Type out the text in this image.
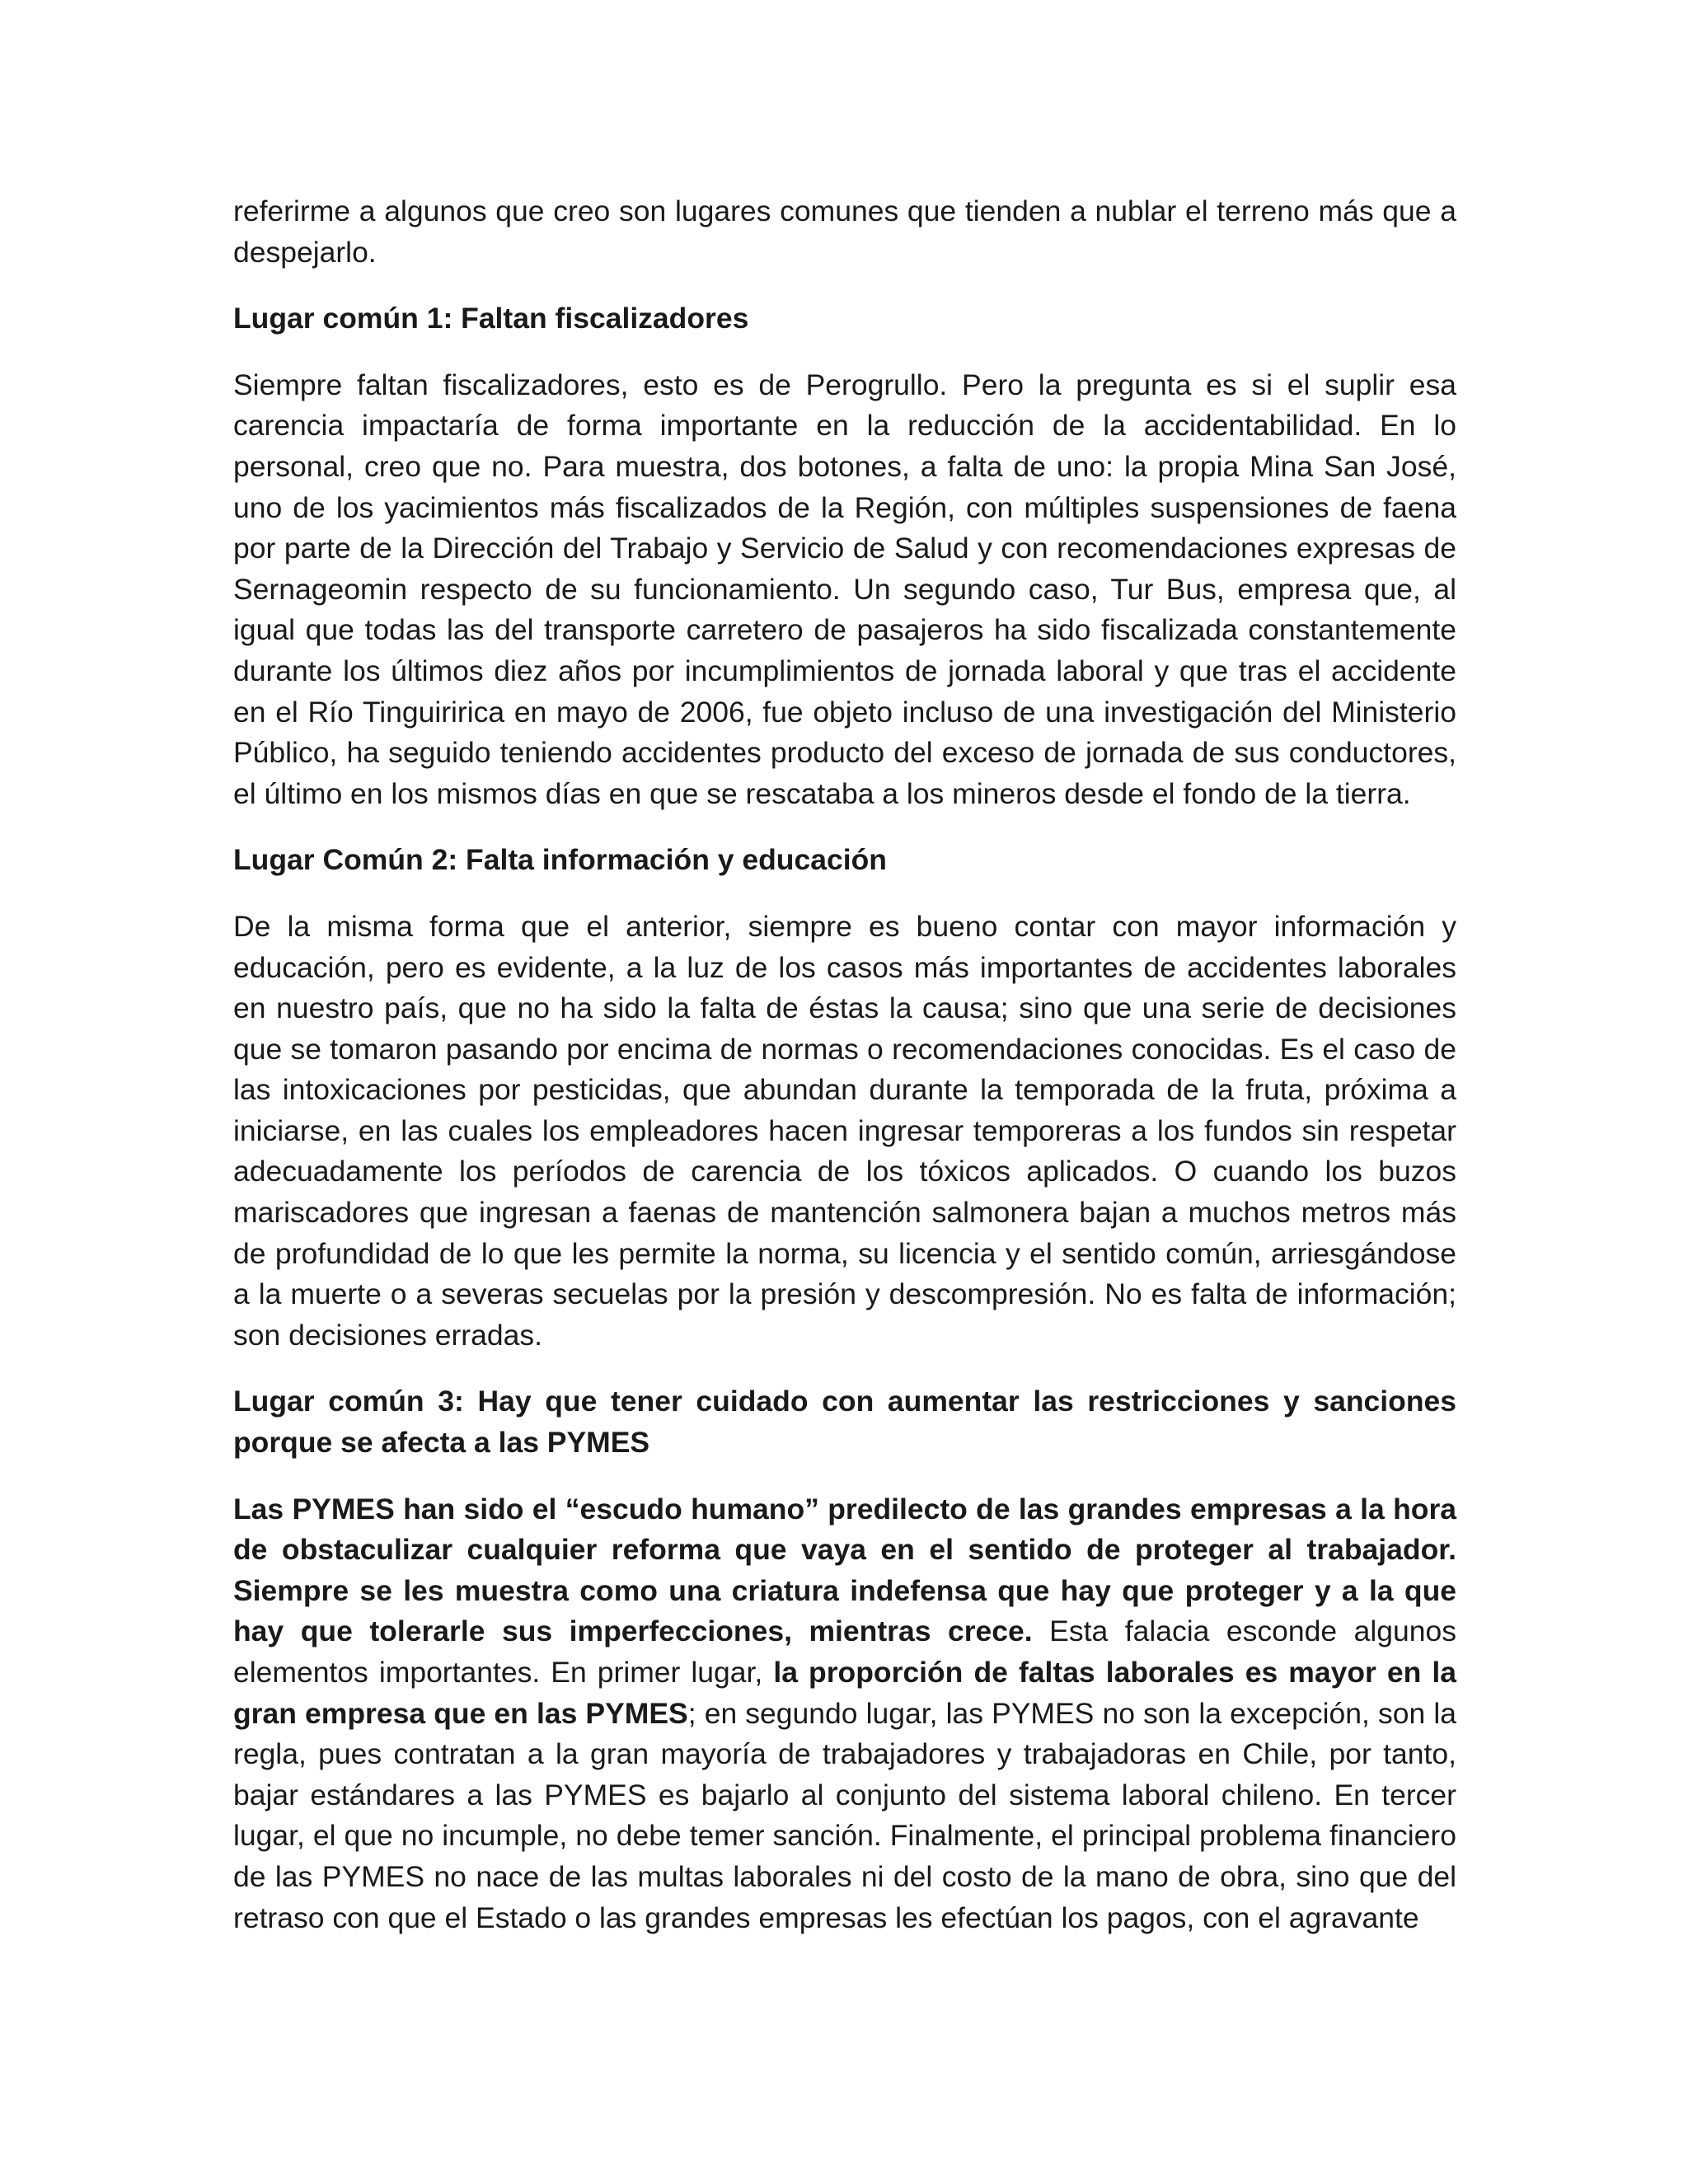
referirme a algunos que creo son lugares comunes que tienden a nublar el terreno más que a despejarlo.

Lugar común 1: Faltan fiscalizadores

Siempre faltan fiscalizadores, esto es de Perogrullo. Pero la pregunta es si el suplir esa carencia impactaría de forma importante en la reducción de la accidentabilidad. En lo personal, creo que no. Para muestra, dos botones, a falta de uno: la propia Mina San José, uno de los yacimientos más fiscalizados de la Región, con múltiples suspensiones de faena por parte de la Dirección del Trabajo y Servicio de Salud y con recomendaciones expresas de Sernageomin respecto de su funcionamiento. Un segundo caso, Tur Bus, empresa que, al igual que todas las del transporte carretero de pasajeros ha sido fiscalizada constantemente durante los últimos diez años por incumplimientos de jornada laboral y que tras el accidente en el Río Tinguiririca en mayo de 2006, fue objeto incluso de una investigación del Ministerio Público, ha seguido teniendo accidentes producto del exceso de jornada de sus conductores, el último en los mismos días en que se rescataba a los mineros desde el fondo de la tierra.

Lugar Común 2: Falta información y educación

De la misma forma que el anterior, siempre es bueno contar con mayor información y educación, pero es evidente, a la luz de los casos más importantes de accidentes laborales en nuestro país, que no ha sido la falta de éstas la causa; sino que una serie de decisiones que se tomaron pasando por encima de normas o recomendaciones conocidas. Es el caso de las intoxicaciones por pesticidas, que abundan durante la temporada de la fruta, próxima a iniciarse, en las cuales los empleadores hacen ingresar temporeras a los fundos sin respetar adecuadamente los períodos de carencia de los tóxicos aplicados. O cuando los buzos mariscadores que ingresan a faenas de mantención salmonera bajan a muchos metros más de profundidad de lo que les permite la norma, su licencia y el sentido común, arriesgándose a la muerte o a severas secuelas por la presión y descompresión. No es falta de información; son decisiones erradas.

Lugar común 3: Hay que tener cuidado con aumentar las restricciones y sanciones porque se afecta a las PYMES

Las PYMES han sido el “escudo humano” predilecto de las grandes empresas a la hora de obstaculizar cualquier reforma que vaya en el sentido de proteger al trabajador. Siempre se les muestra como una criatura indefensa que hay que proteger y a la que hay que tolerarle sus imperfecciones, mientras crece. Esta falacia esconde algunos elementos importantes. En primer lugar, la proporción de faltas laborales es mayor en la gran empresa que en las PYMES; en segundo lugar, las PYMES no son la excepción, son la regla, pues contratan a la gran mayoría de trabajadores y trabajadoras en Chile, por tanto, bajar estándares a las PYMES es bajarlo al conjunto del sistema laboral chileno. En tercer lugar, el que no incumple, no debe temer sanción. Finalmente, el principal problema financiero de las PYMES no nace de las multas laborales ni del costo de la mano de obra, sino que del retraso con que el Estado o las grandes empresas les efectúan los pagos, con el agravante
